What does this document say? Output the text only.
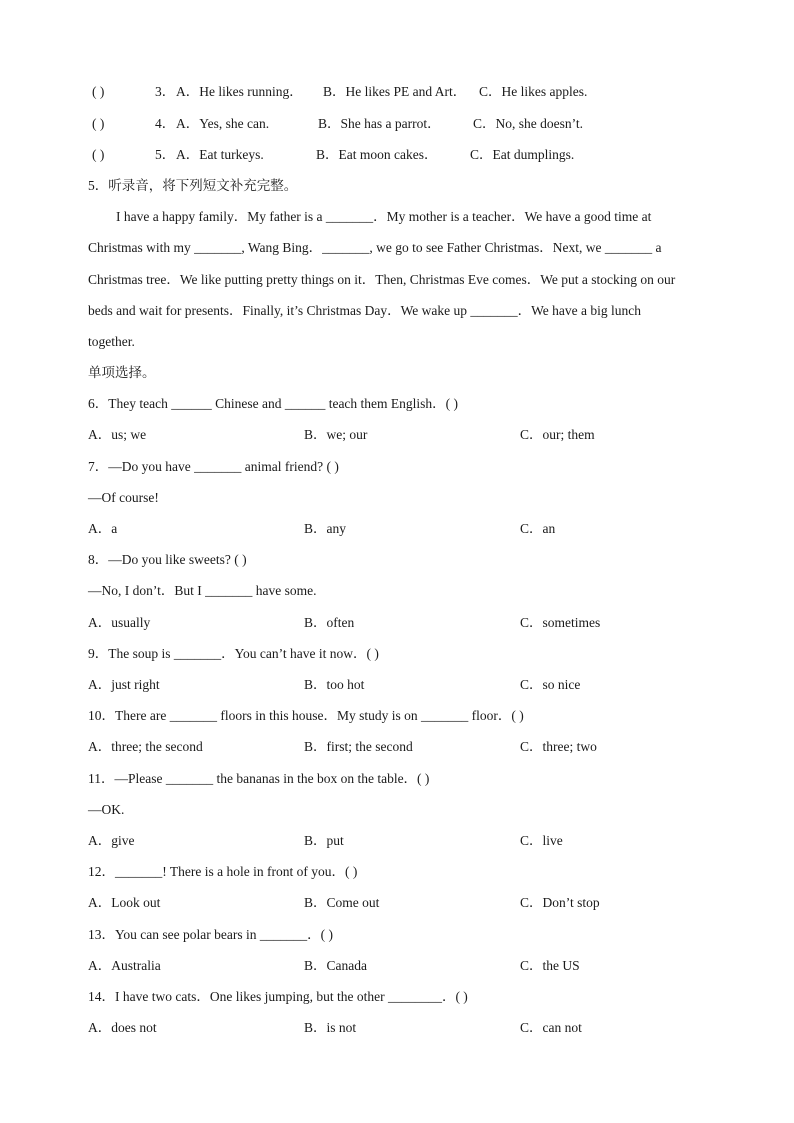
( )	3． A．He likes running． B．He likes PE and Art． C．He likes apples.
( )	4． A．Yes, she can.	B．She has a parrot． C．No, she doesn’t.
( )	5． A．Eat turkeys.	B．Eat moon cakes． C．Eat dumplings.
5．听录音，将下列短文补充完整。
I have a happy family．My father is a _______．My mother is a teacher．We have a good time at
Christmas with my _______, Wang Bing．_______, we go to see Father Christmas．Next, we _______ a
Christmas tree．We like putting pretty things on it．Then, Christmas Eve comes．We put a stocking on our
beds and wait for presents．Finally, it’s Christmas Day．We wake up _______．We have a big lunch
together.
单项选择。
6．They teach ______ Chinese and ______ teach them English．( )
A．us; we	B．we; our	C．our; them
7．—Do you have _______ animal friend? ( )
—Of course!
A．a	B．any	C．an
8．—Do you like sweets? ( )
—No, I don’t．But I _______ have some.
A．usually	B．often	C．sometimes
9．The soup is _______．You can’t have it now．( )
A．just right	B．too hot	C．so nice
10．There are _______ floors in this house．My study is on _______ floor．( )
A．three; the second	B．first; the second	C．three; two
11．—Please _______ the bananas in the box on the table．( )
—OK.
A．give	B．put	C．live
12．_______! There is a hole in front of you．( )
A．Look out	B．Come out	C．Don’t stop
13．You can see polar bears in _______．( )
A．Australia	B．Canada	C．the US
14．I have two cats．One likes jumping, but the other ________．( )
A．does not	B．is not	C．can not
